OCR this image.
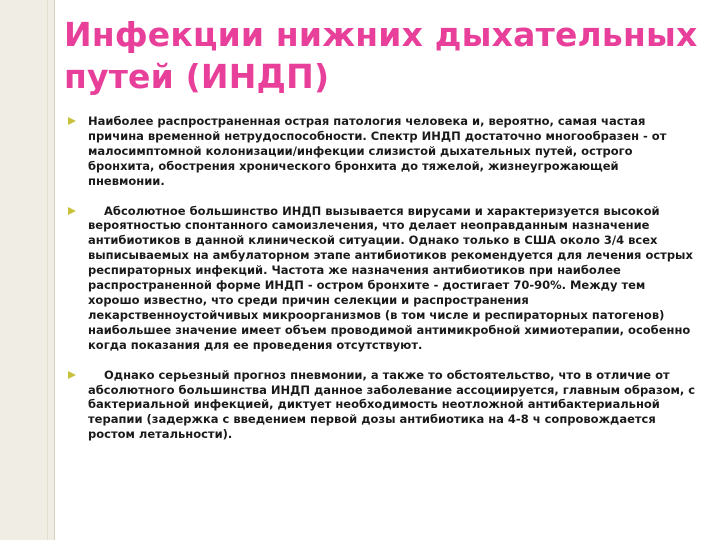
Инфекции нижних дыхательных путей (ИНДП)
Наиболее распространенная острая патология человека и, вероятно, самая частая причина временной нетрудоспособности. Спектр ИНДП достаточно многообразен - от малосимптомной колонизации/инфекции слизистой дыхательных путей, острого бронхита, обострения хронического бронхита до тяжелой, жизнеугрожающей пневмонии.
Абсолютное большинство ИНДП вызывается вирусами и характеризуется высокой вероятностью спонтанного самоизлечения, что делает неоправданным назначение антибиотиков в данной клинической ситуации. Однако только в США около 3/4 всех выписываемых на амбулаторном этапе антибиотиков рекомендуется для лечения острых респираторных инфекций. Частота же назначения антибиотиков при наиболее распространенной форме ИНДП - остром бронхите - достигает 70-90%. Между тем хорошо известно, что среди причин селекции и распространения лекарственноустойчивых микроорганизмов (в том числе и респираторных патогенов) наибольшее значение имеет объем проводимой антимикробной химиотерапии, особенно когда показания для ее проведения отсутствуют.
Однако серьезный прогноз пневмонии, а также то обстоятельство, что в отличие от абсолютного большинства ИНДП данное заболевание ассоциируется, главным образом, с бактериальной инфекцией, диктует необходимость неотложной антибактериальной терапии (задержка с введением первой дозы антибиотика на 4-8 ч сопровождается ростом летальности).
